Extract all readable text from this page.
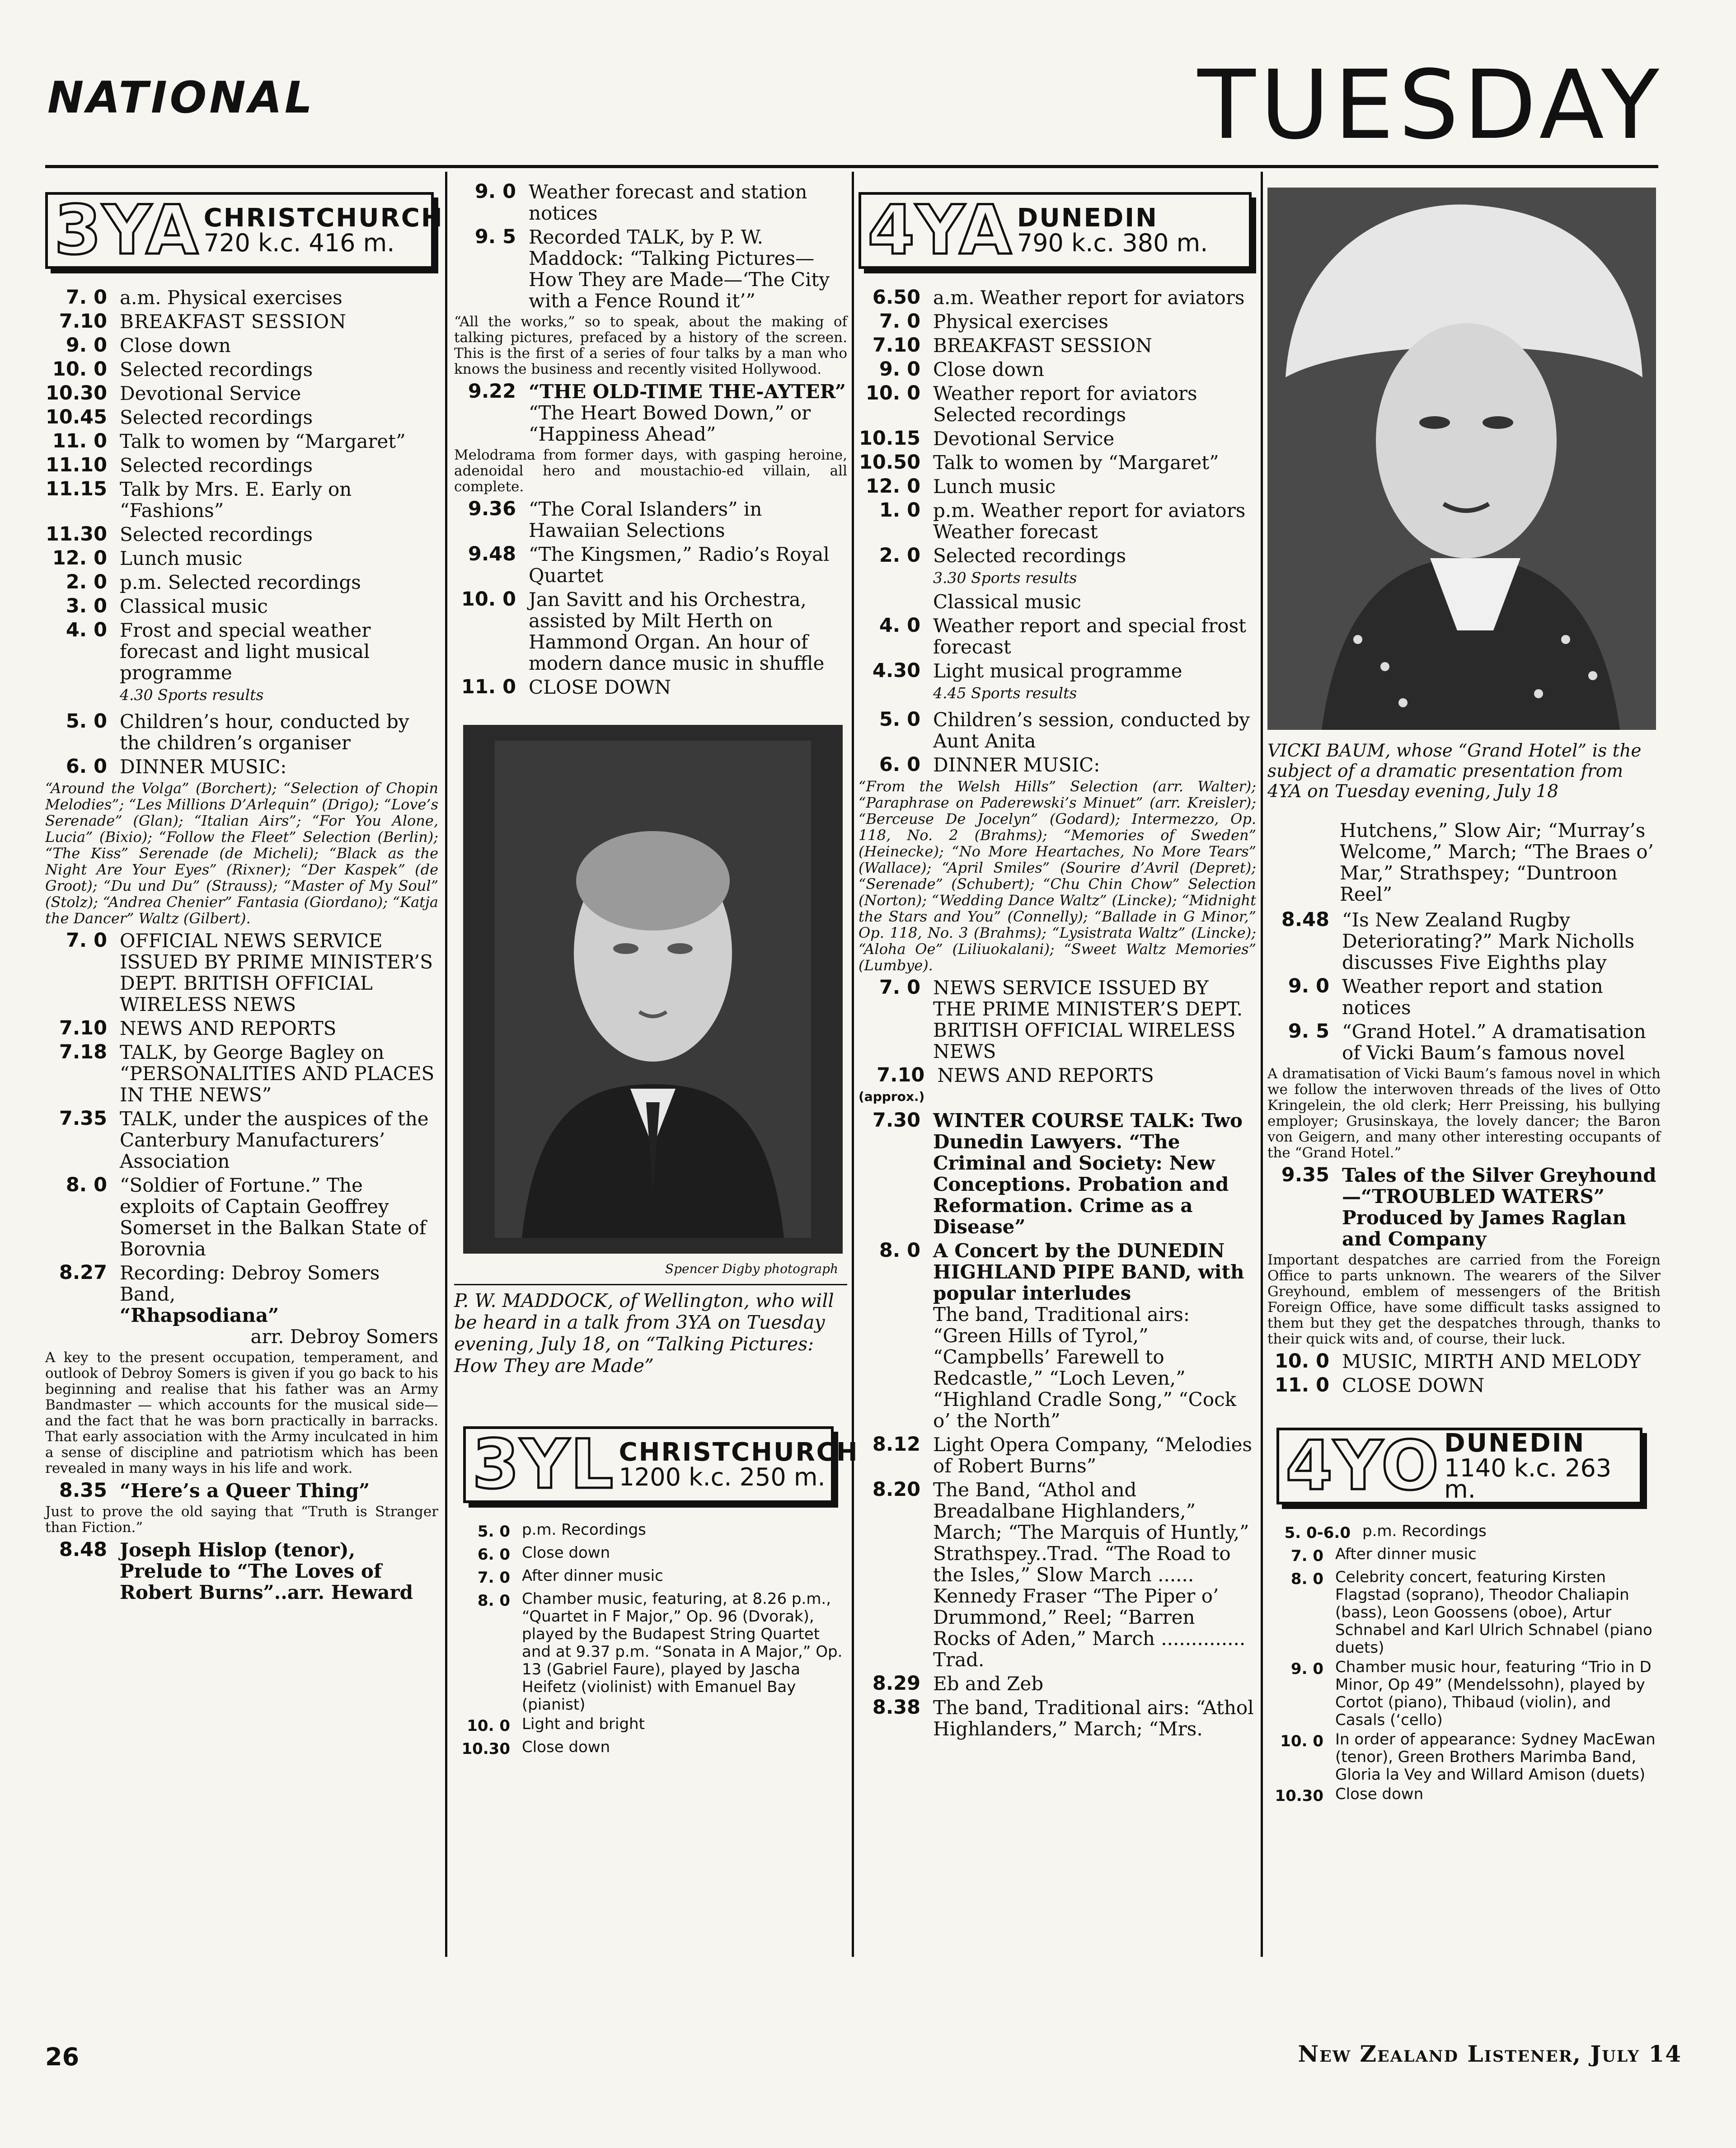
NATIONAL	TUESDAY
3YA CHRISTCHURCH
720 k.c. 416 m.
7. 0 a.m. Physical exercises
7.10 BREAKFAST SESSION
9. 0 Close down
10. 0 Selected recordings
10.30 Devotional Service
10.45 Selected recordings
11. 0 Talk to women by “Margaret”
11.10 Selected recordings
11.15 Talk by Mrs. E. Early on “Fashions”
11.30 Selected recordings
12. 0 Lunch music
2. 0 p.m. Selected recordings
3. 0 Classical music
4. 0 Frost and special weather forecast and light musical programme
4.30 Sports results
5. 0 Children’s hour, conducted by the children’s organiser
6. 0 DINNER MUSIC:
“Around the Volga” (Borchert); “Selection of Chopin Melodies”; “Les Millions D’Arlequin” (Drigo); “Love’s Serenade” (Glan); “Italian Airs”; “For You Alone, Lucia” (Bixio); “Follow the Fleet” Selection (Berlin); “The Kiss” Serenade (de Micheli); “Black as the Night Are Your Eyes” (Rixner); “Der Kaspek” (de Groot); “Du und Du” (Strauss); “Master of My Soul” (Stolz); “Andrea Chenier” Fantasia (Giordano); “Katja the Dancer” Waltz (Gilbert).
7. 0 OFFICIAL NEWS SERVICE ISSUED BY PRIME MINISTER’S DEPT. BRITISH OFFICIAL WIRELESS NEWS
7.10 NEWS AND REPORTS
7.18 TALK, by George Bagley on “PERSONALITIES AND PLACES IN THE NEWS”
7.35 TALK, under the auspices of the Canterbury Manufacturers’ Association
8. 0 “Soldier of Fortune.” The exploits of Captain Geoffrey Somerset in the Balkan State of Borovnia
8.27 Recording: Debroy Somers Band,
“Rhapsodiana”
arr. Debroy Somers
A key to the present occupation, temperament, and outlook of Debroy Somers is given if you go back to his beginning and realise that his father was an Army Bandmaster — which accounts for the musical side—and the fact that he was born practically in barracks. That early association with the Army inculcated in him a sense of discipline and patriotism which has been revealed in many ways in his life and work.
8.35 “Here’s a Queer Thing”
Just to prove the old saying that “Truth is Stranger than Fiction.”
8.48 Joseph Hislop (tenor), Prelude to “The Loves of Robert Burns”..arr. Heward
9. 0 Weather forecast and station notices
9. 5 Recorded TALK, by P. W. Maddock: “Talking Pictures—How They are Made—‘The City with a Fence Round it’”
“All the works,” so to speak, about the making of talking pictures, prefaced by a history of the screen. This is the first of a series of four talks by a man who knows the business and recently visited Hollywood.
9.22 “THE OLD-TIME THE-AYTER”
“The Heart Bowed Down,” or “Happiness Ahead”
Melodrama from former days, with gasping heroine, adenoidal hero and moustachio-ed villain, all complete.
9.36 “The Coral Islanders” in Hawaiian Selections
9.48 “The Kingsmen,” Radio’s Royal Quartet
10. 0 Jan Savitt and his Orchestra, assisted by Milt Herth on Hammond Organ. An hour of modern dance music in shuffle
11. 0 CLOSE DOWN
Spencer Digby photograph
P. W. MADDOCK, of Wellington, who will be heard in a talk from 3YA on Tuesday evening, July 18, on “Talking Pictures: How They are Made”
3YL CHRISTCHURCH
1200 k.c. 250 m.
5. 0 p.m. Recordings
6. 0 Close down
7. 0 After dinner music
8. 0 Chamber music, featuring, at 8.26 p.m., “Quartet in F Major,” Op. 96 (Dvorak), played by the Budapest String Quartet and at 9.37 p.m. “Sonata in A Major,” Op. 13 (Gabriel Faure), played by Jascha Heifetz (violinist) with Emanuel Bay (pianist)
10. 0 Light and bright
10.30 Close down
4YA DUNEDIN
790 k.c. 380 m.
6.50 a.m. Weather report for aviators
7. 0 Physical exercises
7.10 BREAKFAST SESSION
9. 0 Close down
10. 0 Weather report for aviators Selected recordings
10.15 Devotional Service
10.50 Talk to women by “Margaret”
12. 0 Lunch music
1. 0 p.m. Weather report for aviators
Weather forecast
2. 0 Selected recordings
3.30 Sports results
Classical music
4. 0 Weather report and special frost forecast
4.30 Light musical programme
4.45 Sports results
5. 0 Children’s session, conducted by Aunt Anita
6. 0 DINNER MUSIC:
“From the Welsh Hills” Selection (arr. Walter); “Paraphrase on Paderewski’s Minuet” (arr. Kreisler); “Berceuse De Jocelyn” (Godard); Intermezzo, Op. 118, No. 2 (Brahms); “Memories of Sweden” (Heinecke); “No More Heartaches, No More Tears” (Wallace); “April Smiles” (Sourire d’Avril (Depret); “Serenade” (Schubert); “Chu Chin Chow” Selection (Norton); “Wedding Dance Waltz” (Lincke); “Midnight the Stars and You” (Connelly); “Ballade in G Minor,” Op. 118, No. 3 (Brahms); “Lysistrata Waltz” (Lincke); “Aloha Oe” (Liliuokalani); “Sweet Waltz Memories” (Lumbye).
7. 0 NEWS SERVICE ISSUED BY THE PRIME MINISTER’S DEPT. BRITISH OFFICIAL WIRELESS NEWS
7.10
(approx.)
NEWS AND REPORTS
7.30 WINTER COURSE TALK: Two Dunedin Lawyers. “The Criminal and Society: New Conceptions. Probation and Reformation. Crime as a Disease”
8. 0 A Concert by the DUNEDIN HIGHLAND PIPE BAND, with popular interludes
The band, Traditional airs: “Green Hills of Tyrol,” “Campbells’ Farewell to Redcastle,” “Loch Leven,” “Highland Cradle Song,” “Cock o’ the North”
8.12 Light Opera Company, “Melodies of Robert Burns”
8.20 The Band, “Athol and Breadalbane Highlanders,” March; “The Marquis of Huntly,” Strathspey..Trad. “The Road to the Isles,” Slow March ...... Kennedy Fraser “The Piper o’ Drummond,” Reel; “Barren Rocks of Aden,” March .............. Trad.
8.29 Eb and Zeb
8.38 The band, Traditional airs: “Athol Highlanders,” March; “Mrs.
VICKI BAUM, whose “Grand Hotel” is the subject of a dramatic presentation from 4YA on Tuesday evening, July 18
Hutchens,” Slow Air; “Murray’s Welcome,” March; “The Braes o’ Mar,” Strathspey; “Duntroon Reel”
8.48 “Is New Zealand Rugby Deteriorating?” Mark Nicholls discusses Five Eighths play
9. 0 Weather report and station notices
9. 5 “Grand Hotel.” A dramatisation of Vicki Baum’s famous novel
A dramatisation of Vicki Baum’s famous novel in which we follow the interwoven threads of the lives of Otto Kringelein, the old clerk; Herr Preissing, his bullying employer; Grusinskaya, the lovely dancer; the Baron von Geigern, and many other interesting occupants of the “Grand Hotel.”
9.35 Tales of the Silver Greyhound —“TROUBLED WATERS” Produced by James Raglan and Company
Important despatches are carried from the Foreign Office to parts unknown. The wearers of the Silver Greyhound, emblem of messengers of the British Foreign Office, have some difficult tasks assigned to them but they get the despatches through, thanks to their quick wits and, of course, their luck.
10. 0 MUSIC, MIRTH AND MELODY
11. 0 CLOSE DOWN
4YO DUNEDIN
1140 k.c. 263 m.
5. 0-6.0 p.m. Recordings
7. 0 After dinner music
8. 0 Celebrity concert, featuring Kirsten Flagstad (soprano), Theodor Chaliapin (bass), Leon Goossens (oboe), Artur Schnabel and Karl Ulrich Schnabel (piano duets)
9. 0 Chamber music hour, featuring “Trio in D Minor, Op 49” (Mendelssohn), played by Cortot (piano), Thibaud (violin), and Casals (‘cello)
10. 0 In order of appearance: Sydney MacEwan (tenor), Green Brothers Marimba Band, Gloria la Vey and Willard Amison (duets)
10.30 Close down
26	New Zealand Listener, July 14
